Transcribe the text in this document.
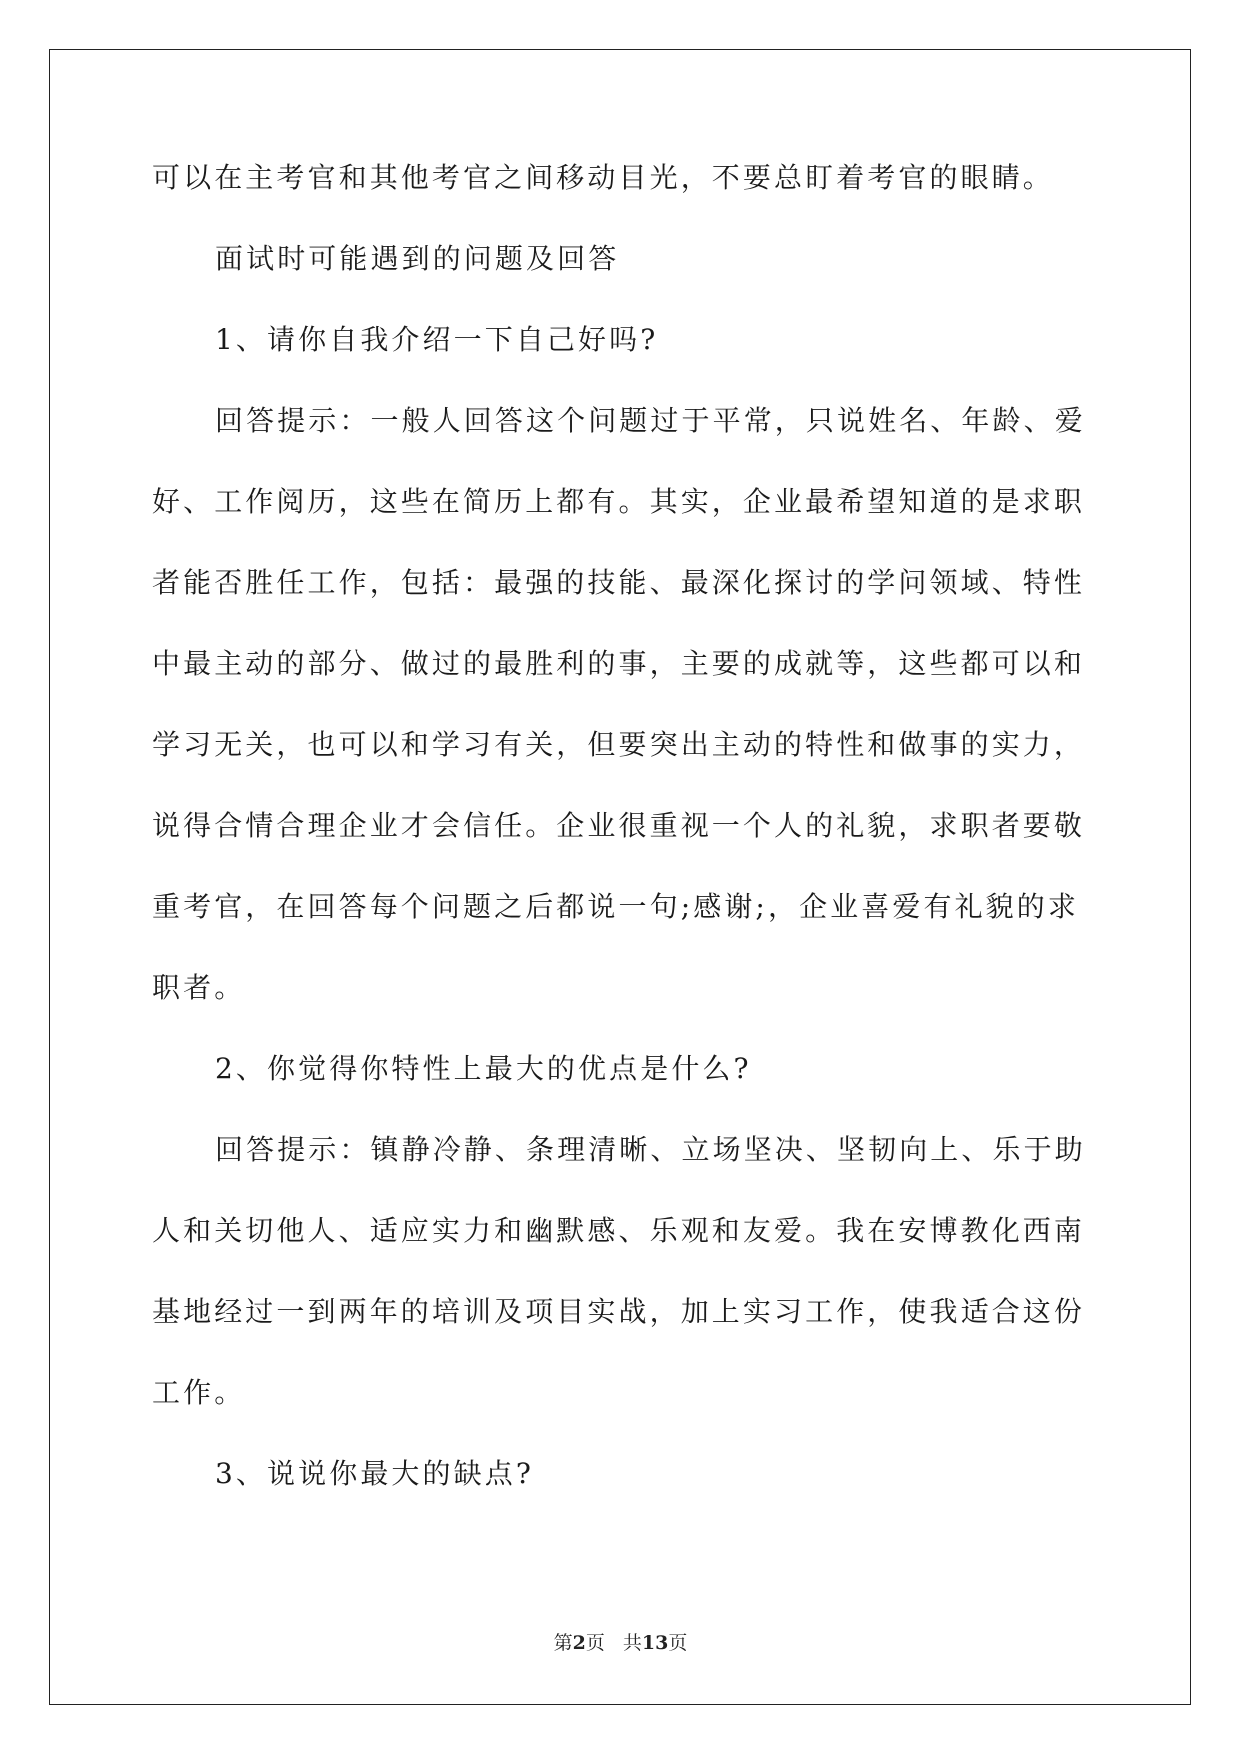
可以在主考官和其他考官之间移动目光，不要总盯着考官的眼睛。
面试时可能遇到的问题及回答
1、请你自我介绍一下自己好吗?
回答提示：一般人回答这个问题过于平常，只说姓名、年龄、爱
好、工作阅历，这些在简历上都有。其实，企业最希望知道的是求职
者能否胜任工作，包括：最强的技能、最深化探讨的学问领域、特性
中最主动的部分、做过的最胜利的事，主要的成就等，这些都可以和
学习无关，也可以和学习有关，但要突出主动的特性和做事的实力，
说得合情合理企业才会信任。企业很重视一个人的礼貌，求职者要敬
重考官，在回答每个问题之后都说一句;感谢;，企业喜爱有礼貌的求
职者。
2、你觉得你特性上最大的优点是什么?
回答提示：镇静冷静、条理清晰、立场坚决、坚韧向上、乐于助
人和关切他人、适应实力和幽默感、乐观和友爱。我在安博教化西南
基地经过一到两年的培训及项目实战，加上实习工作，使我适合这份
工作。
3、说说你最大的缺点?
第2页 共13页
